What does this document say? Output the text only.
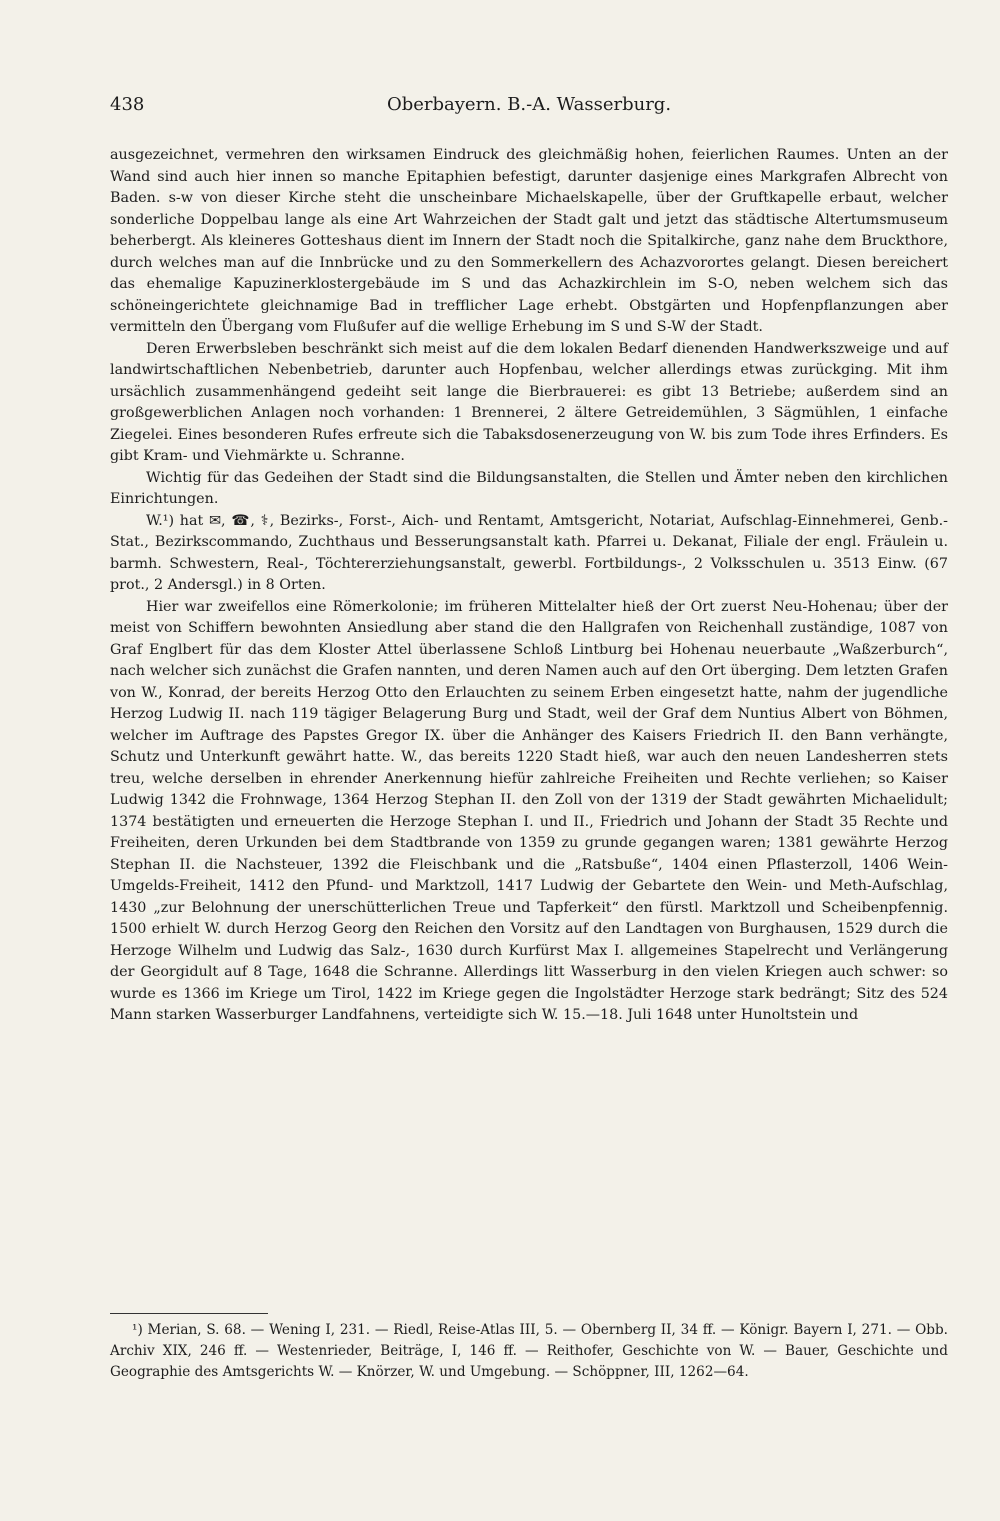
438	Oberbayern. B.-A. Wasserburg.

ausgezeichnet, vermehren den wirksamen Eindruck des gleichmäßig hohen, feierlichen Raumes. Unten an der Wand sind auch hier innen so manche Epitaphien befestigt, darunter dasjenige eines Markgrafen Albrecht von Baden. s-w von dieser Kirche steht die unscheinbare Michaelskapelle, über der Gruftkapelle erbaut, welcher sonderliche Doppelbau lange als eine Art Wahrzeichen der Stadt galt und jetzt das städtische Altertumsmuseum beherbergt. Als kleineres Gotteshaus dient im Innern der Stadt noch die Spitalkirche, ganz nahe dem Bruckthore, durch welches man auf die Innbrücke und zu den Sommerkellern des Achazvorortes gelangt. Diesen bereichert das ehemalige Kapuzinerklostergebäude im S und das Achazkirchlein im S-O, neben welchem sich das schöneingerichtete gleichnamige Bad in trefflicher Lage erhebt. Obstgärten und Hopfenpflanzungen aber vermitteln den Übergang vom Flußufer auf die wellige Erhebung im S und S-W der Stadt.

Deren Erwerbsleben beschränkt sich meist auf die dem lokalen Bedarf dienenden Handwerkszweige und auf landwirtschaftlichen Nebenbetrieb, darunter auch Hopfenbau, welcher allerdings etwas zurückging. Mit ihm ursächlich zusammenhängend gedeiht seit lange die Bierbrauerei: es gibt 13 Betriebe; außerdem sind an großgewerblichen Anlagen noch vorhanden: 1 Brennerei, 2 ältere Getreidemühlen, 3 Sägmühlen, 1 einfache Ziegelei. Eines besonderen Rufes erfreute sich die Tabaksdosenerzeugung von W. bis zum Tode ihres Erfinders. Es gibt Kram- und Viehmärkte u. Schranne.

Wichtig für das Gedeihen der Stadt sind die Bildungsanstalten, die Stellen und Ämter neben den kirchlichen Einrichtungen.

W.¹) hat ✉, ☎, ⚕, Bezirks-, Forst-, Aich- und Rentamt, Amtsgericht, Notariat, Aufschlag-Einnehmerei, Genb.-Stat., Bezirkscommando, Zuchthaus und Besserungsanstalt kath. Pfarrei u. Dekanat, Filiale der engl. Fräulein u. barmh. Schwestern, Real-, Töchtererziehungsanstalt, gewerbl. Fortbildungs-, 2 Volksschulen u. 3513 Einw. (67 prot., 2 Andersgl.) in 8 Orten.

Hier war zweifellos eine Römerkolonie; im früheren Mittelalter hieß der Ort zuerst Neu-Hohenau; über der meist von Schiffern bewohnten Ansiedlung aber stand die den Hallgrafen von Reichenhall zuständige, 1087 von Graf Englbert für das dem Kloster Attel überlassene Schloß Lintburg bei Hohenau neuerbaute „Waßzerburch“, nach welcher sich zunächst die Grafen nannten, und deren Namen auch auf den Ort überging. Dem letzten Grafen von W., Konrad, der bereits Herzog Otto den Erlauchten zu seinem Erben eingesetzt hatte, nahm der jugendliche Herzog Ludwig II. nach 119 tägiger Belagerung Burg und Stadt, weil der Graf dem Nuntius Albert von Böhmen, welcher im Auftrage des Papstes Gregor IX. über die Anhänger des Kaisers Friedrich II. den Bann verhängte, Schutz und Unterkunft gewährt hatte. W., das bereits 1220 Stadt hieß, war auch den neuen Landesherren stets treu, welche derselben in ehrender Anerkennung hiefür zahlreiche Freiheiten und Rechte verliehen; so Kaiser Ludwig 1342 die Frohnwage, 1364 Herzog Stephan II. den Zoll von der 1319 der Stadt gewährten Michaelidult; 1374 bestätigten und erneuerten die Herzoge Stephan I. und II., Friedrich und Johann der Stadt 35 Rechte und Freiheiten, deren Urkunden bei dem Stadtbrande von 1359 zu grunde gegangen waren; 1381 gewährte Herzog Stephan II. die Nachsteuer, 1392 die Fleischbank und die „Ratsbuße“, 1404 einen Pflasterzoll, 1406 Wein-Umgelds-Freiheit, 1412 den Pfund- und Marktzoll, 1417 Ludwig der Gebartete den Wein- und Meth-Aufschlag, 1430 „zur Belohnung der unerschütterlichen Treue und Tapferkeit“ den fürstl. Marktzoll und Scheibenpfennig. 1500 erhielt W. durch Herzog Georg den Reichen den Vorsitz auf den Landtagen von Burghausen, 1529 durch die Herzoge Wilhelm und Ludwig das Salz-, 1630 durch Kurfürst Max I. allgemeines Stapelrecht und Verlängerung der Georgidult auf 8 Tage, 1648 die Schranne. Allerdings litt Wasserburg in den vielen Kriegen auch schwer: so wurde es 1366 im Kriege um Tirol, 1422 im Kriege gegen die Ingolstädter Herzoge stark bedrängt; Sitz des 524 Mann starken Wasserburger Landfahnens, verteidigte sich W. 15.—18. Juli 1648 unter Hunoltstein und

¹) Merian, S. 68. — Wening I, 231. — Riedl, Reise-Atlas III, 5. — Obernberg II, 34 ff. — Königr. Bayern I, 271. — Obb. Archiv XIX, 246 ff. — Westenrieder, Beiträge, I, 146 ff. — Reithofer, Geschichte von W. — Bauer, Geschichte und Geographie des Amtsgerichts W. — Knörzer, W. und Umgebung. — Schöppner, III, 1262—64.
